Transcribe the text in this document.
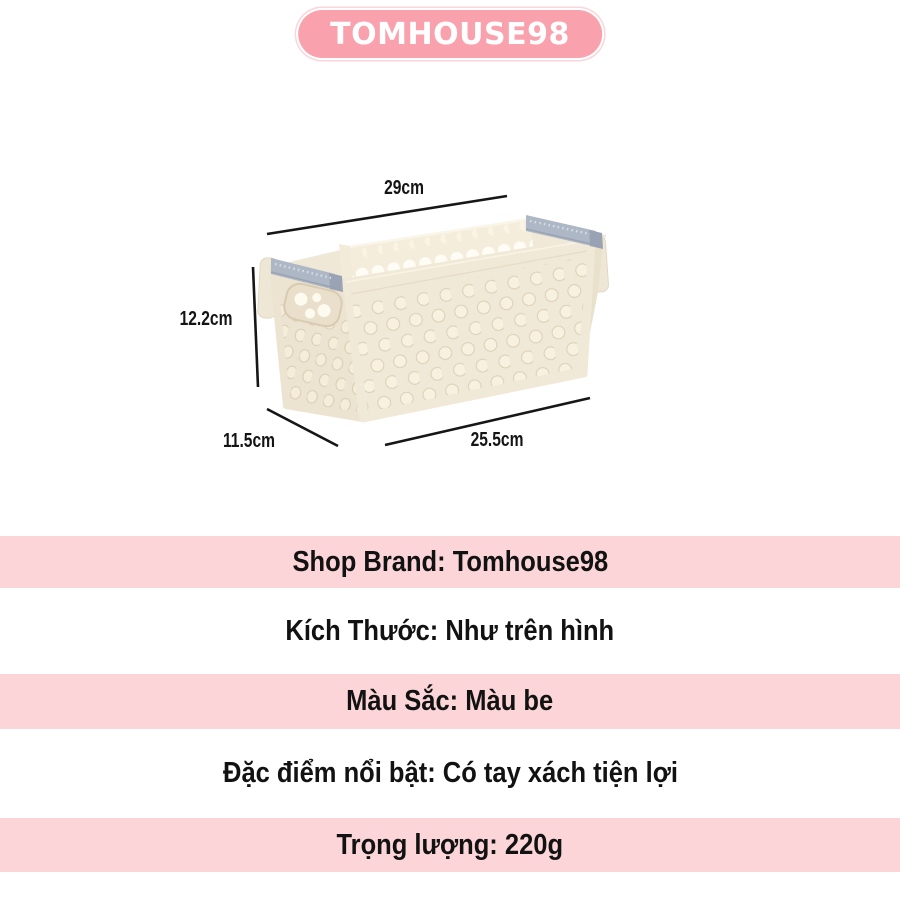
TOMHOUSE98
29cm
12.2cm
11.5cm	25.5cm
Shop Brand: Tomhouse98
Kích Thước: Như trên hình
Màu Sắc: Màu be
Đặc điểm nổi bật: Có tay xách tiện lợi
Trọng lượng: 220g
